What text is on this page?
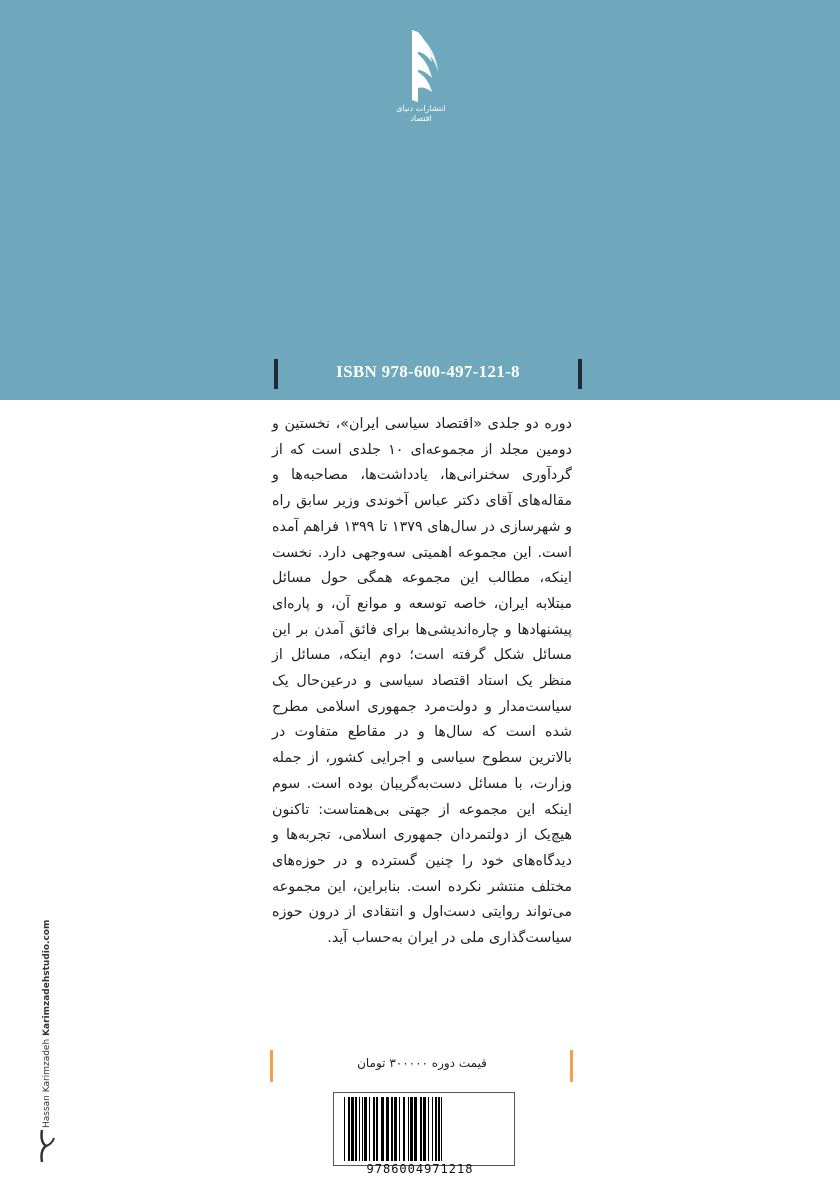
انتشارات دنیای اقتصاد
ISBN 978-600-497-121-8
دوره دو جلدی «اقتصاد سیاسی ایران»، نخستین و دومین مجلد از مجموعه‌ای ۱۰ جلدی است که از گردآوری سخنرانی‌ها، یادداشت‌ها، مصاحبه‌ها و مقاله‌های آقای دکتر عباس آخوندی وزیر سابق راه و شهرسازی در سال‌های ۱۳۷۹ تا ۱۳۹۹ فراهم آمده است. این مجموعه اهمیتی سه‌وجهی دارد. نخست اینکه، مطالب این مجموعه همگی حول مسائل مبتلابه ایران، خاصه توسعه و موانع آن، و پاره‌ای پیشنهادها و چاره‌اندیشی‌ها برای فائق آمدن بر این مسائل شکل گرفته است؛ دوم اینکه، مسائل از منظر یک استاد اقتصاد سیاسی و درعین‌حال یک سیاست‌مدار و دولت‌مرد جمهوری اسلامی مطرح شده است که سال‌ها و در مقاطع متفاوت در بالاترین سطوح سیاسی و اجرایی کشور، از جمله وزارت، با مسائل دست‌به‌گریبان بوده است. سوم اینکه این مجموعه از جهتی بی‌همتاست: تاکنون هیچ‌یک از دولتمردان جمهوری اسلامی، تجربه‌ها و دیدگاه‌های خود را چنین گسترده و در حوزه‌های مختلف منتشر نکرده است. بنابراین، این مجموعه می‌تواند روایتی دست‌اول و انتقادی از درون حوزه سیاست‌گذاری ملی در ایران به‌حساب آید.
Hassan Karimzadeh Karimzadehstudio.com
قیمت دوره ۳۰۰۰۰۰ تومان
9786004971218
